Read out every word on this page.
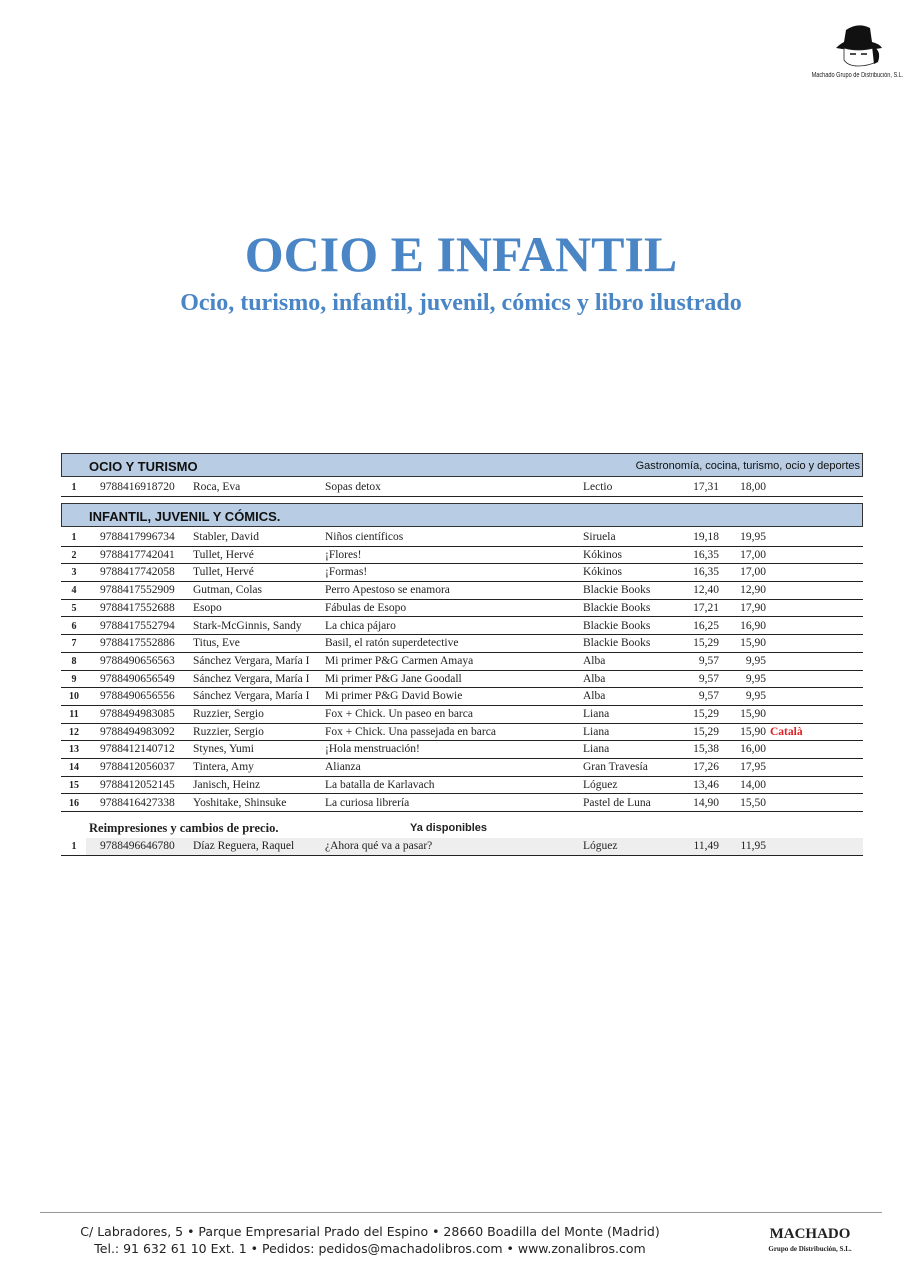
Machado Grupo de Distribución, S.L.
OCIO E INFANTIL
Ocio, turismo, infantil, juvenil, cómics y libro ilustrado
OCIO Y TURISMO	Gastronomía, cocina, turismo, ocio y deportes
1	9788416918720 Roca, Eva	Sopas detox	Lectio	17,31	18,00
INFANTIL, JUVENIL Y CÓMICS.
1	9788417996734 Stabler, David	Niños científicos	Siruela	19,18	19,95
2	9788417742041 Tullet, Hervé	¡Flores!	Kókinos	16,35	17,00
3	9788417742058 Tullet, Hervé	¡Formas!	Kókinos	16,35	17,00
4	9788417552909 Gutman, Colas	Perro Apestoso se enamora	Blackie Books	12,40	12,90
5	9788417552688 Esopo	Fábulas de Esopo	Blackie Books	17,21	17,90
6	9788417552794 Stark-McGinnis, Sandy	La chica pájaro	Blackie Books	16,25	16,90
7	9788417552886 Titus, Eve	Basil, el ratón superdetective	Blackie Books	15,29	15,90
8	9788490656563 Sánchez Vergara, María I	Mi primer P&G Carmen Amaya	Alba	9,57	9,95
9	9788490656549 Sánchez Vergara, María I	Mi primer P&G Jane Goodall	Alba	9,57	9,95
10	9788490656556 Sánchez Vergara, María I	Mi primer P&G David Bowie	Alba	9,57	9,95
11	9788494983085 Ruzzier, Sergio	Fox + Chick. Un paseo en barca	Liana	15,29	15,90
12	9788494983092 Ruzzier, Sergio	Fox + Chick. Una passejada en barca	Liana	15,29	15,90 Català
13	9788412140712 Stynes, Yumi	¡Hola menstruación!	Liana	15,38	16,00
14	9788412056037 Tintera, Amy	Alianza	Gran Travesía	17,26	17,95
15	9788412052145 Janisch, Heinz	La batalla de Karlavach	Lóguez	13,46	14,00
16	9788416427338 Yoshitake, Shinsuke	La curiosa librería	Pastel de Luna	14,90	15,50
Reimpresiones y cambios de precio.	Ya disponibles
1	9788496646780 Díaz Reguera, Raquel	¿Ahora qué va a pasar?	Lóguez	11,49	11,95
C/ Labradores, 5 • Parque Empresarial Prado del Espino • 28660 Boadilla del Monte (Madrid)
Tel.: 91 632 61 10 Ext. 1 • Pedidos: pedidos@machadolibros.com • www.zonalibros.com
MACHADO
Grupo de Distribución, S.L.
